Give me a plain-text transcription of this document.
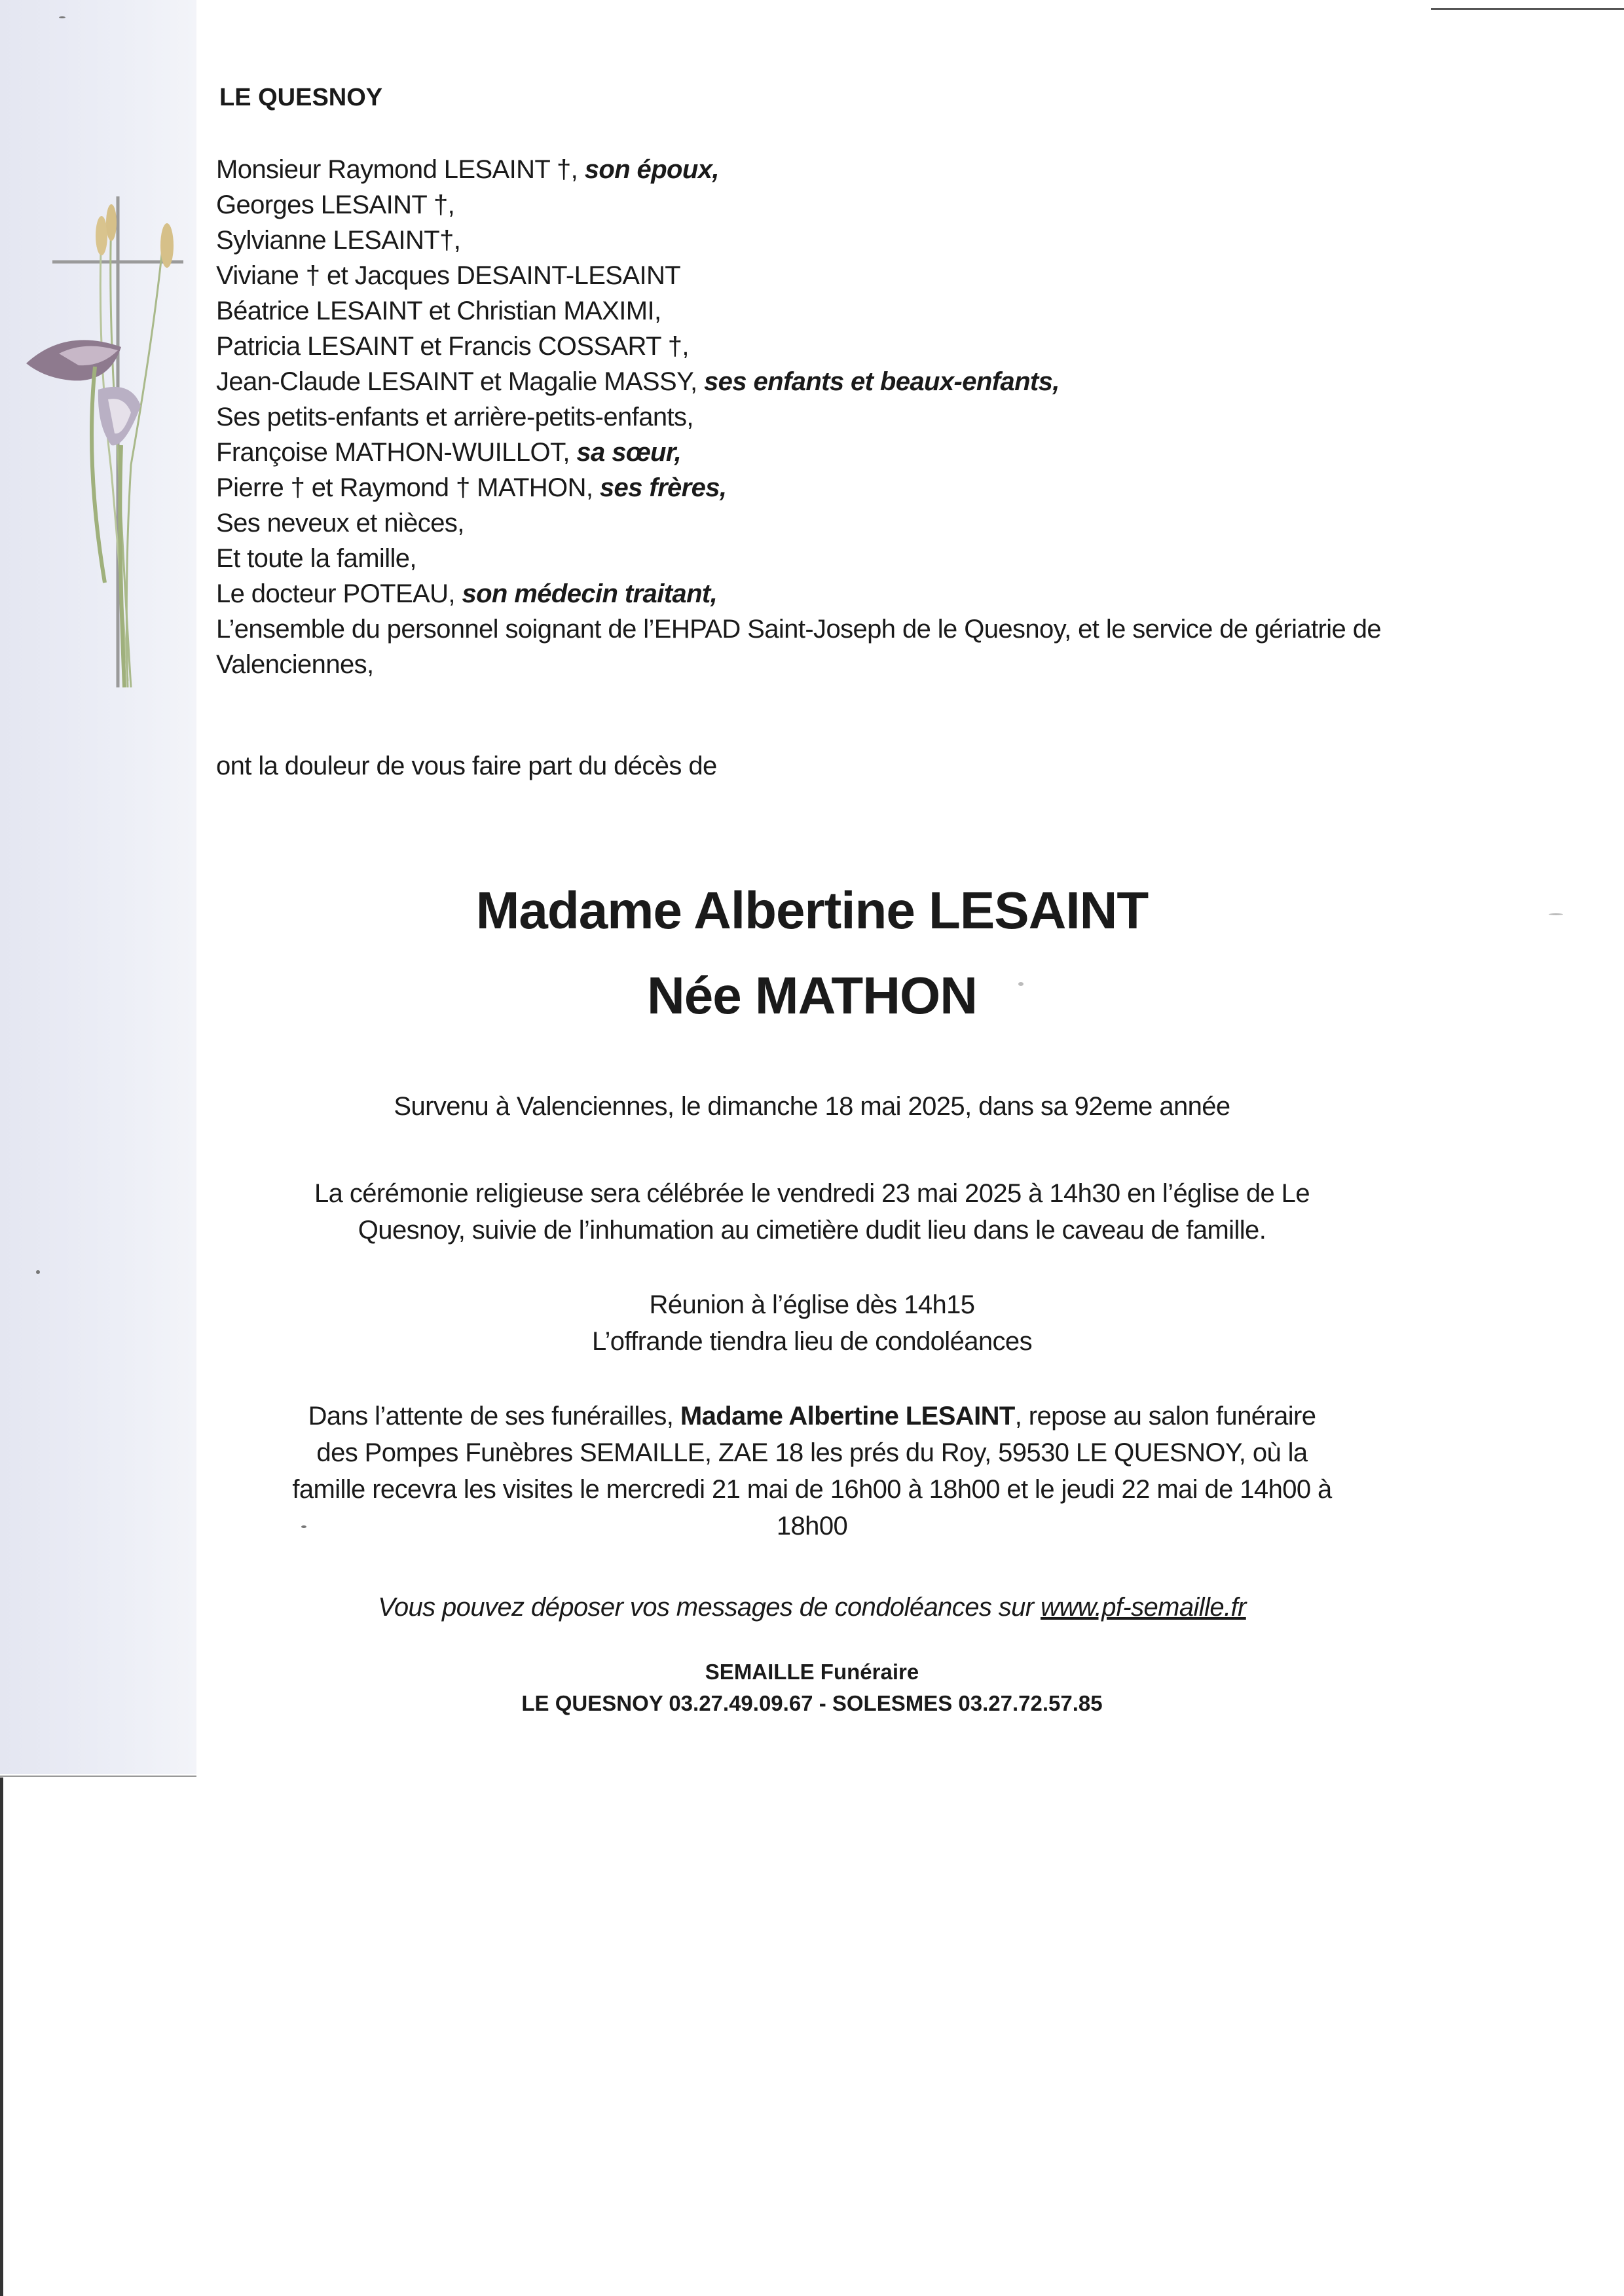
LE QUESNOY
Monsieur Raymond LESAINT †, son époux,
Georges LESAINT †,
Sylvianne LESAINT†,
Viviane † et Jacques DESAINT-LESAINT
Béatrice LESAINT et Christian MAXIMI,
Patricia LESAINT et Francis COSSART †,
Jean-Claude LESAINT et Magalie MASSY, ses enfants et beaux-enfants,
Ses petits-enfants et arrière-petits-enfants,
Françoise MATHON-WUILLOT, sa sœur,
Pierre † et Raymond † MATHON, ses frères,
Ses neveux et nièces,
Et toute la famille,
Le docteur POTEAU, son médecin traitant,
L’ensemble du personnel soignant de l’EHPAD Saint-Joseph de le Quesnoy, et le service de gériatrie de Valenciennes,
ont la douleur de vous faire part du décès de
Madame Albertine LESAINT
Née MATHON
Survenu à Valenciennes, le dimanche 18 mai 2025, dans sa 92eme année
La cérémonie religieuse sera célébrée le vendredi 23 mai 2025 à 14h30 en l’église de Le
Quesnoy, suivie de l’inhumation au cimetière dudit lieu dans le caveau de famille.
Réunion à l’église dès 14h15
L’offrande tiendra lieu de condoléances
Dans l’attente de ses funérailles, Madame Albertine LESAINT, repose au salon funéraire
des Pompes Funèbres SEMAILLE, ZAE 18 les prés du Roy, 59530 LE QUESNOY, où la
famille recevra les visites le mercredi 21 mai de 16h00 à 18h00 et le jeudi 22 mai de 14h00 à
18h00
Vous pouvez déposer vos messages de condoléances sur www.pf-semaille.fr
SEMAILLE Funéraire
LE QUESNOY 03.27.49.09.67 - SOLESMES 03.27.72.57.85
